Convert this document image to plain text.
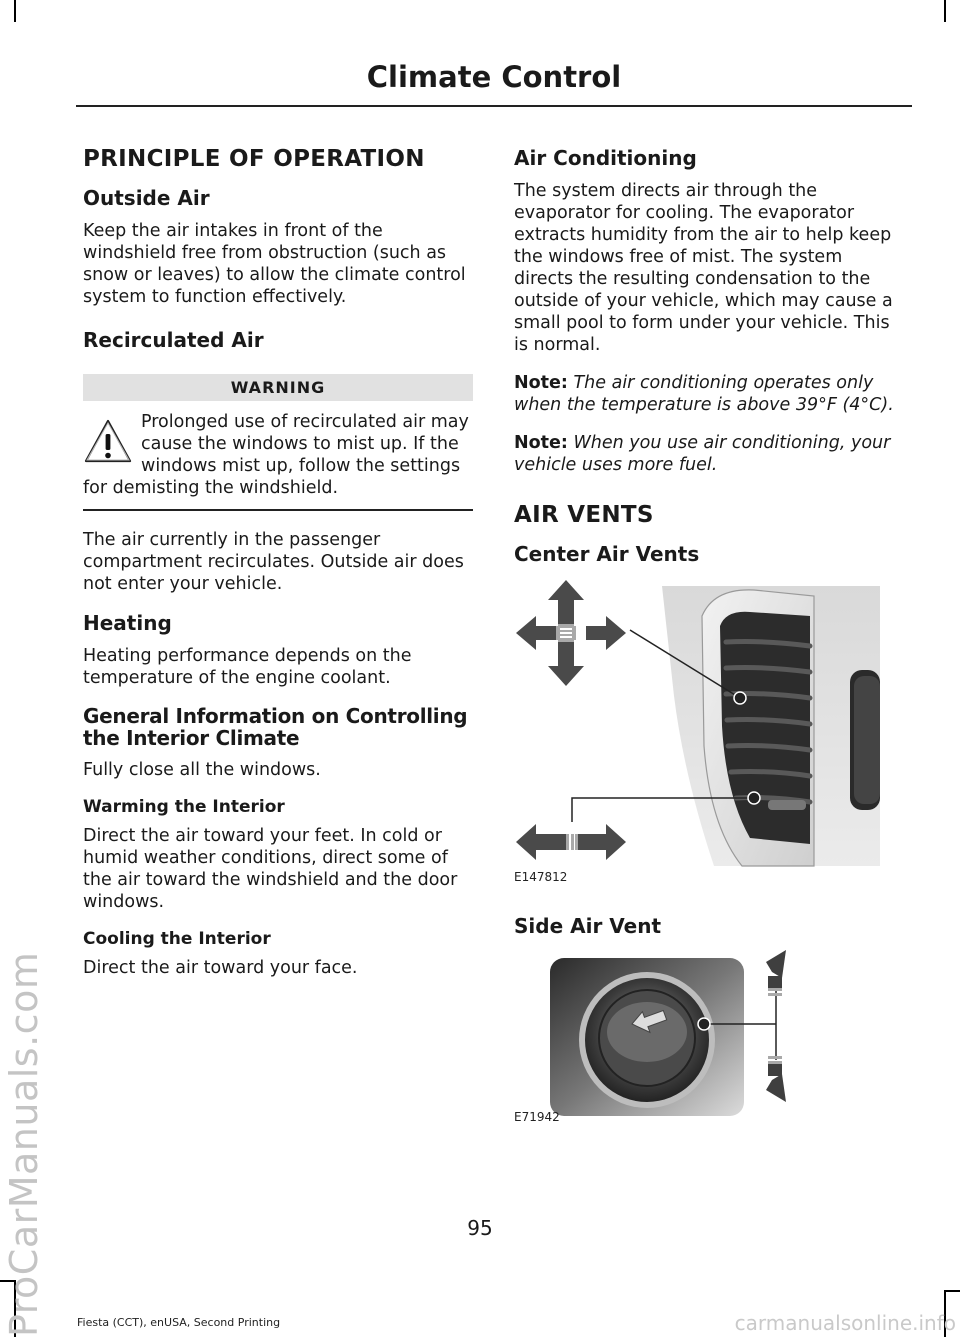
ProCarManuals.com
Climate Control
PRINCIPLE OF OPERATION
Outside Air

Keep the air intakes in front of the windshield free from obstruction (such as snow or leaves) to allow the climate control system to function effectively.

Recirculated Air
WARNING
Prolonged use of recirculated air may cause the windows to mist up. If the windows mist up, follow the settings for demisting the windshield.

The air currently in the passenger compartment recirculates. Outside air does not enter your vehicle.

Heating

Heating performance depends on the temperature of the engine coolant.

General Information on Controlling the Interior Climate

Fully close all the windows.

Warming the Interior

Direct the air toward your feet. In cold or humid weather conditions, direct some of the air toward the windshield and the door windows.

Cooling the Interior

Direct the air toward your face.

Air Conditioning

The system directs air through the evaporator for cooling. The evaporator extracts humidity from the air to help keep the windows free of mist. The system directs the resulting condensation to the outside of your vehicle, which may cause a small pool to form under your vehicle. This is normal.

Note: The air conditioning operates only when the temperature is above 39°F (4°C).

Note: When you use air conditioning, your vehicle uses more fuel.

AIR VENTS
Center Air Vents
E147812
Side Air Vent
E71942
95
Fiesta (CCT), enUSA, Second Printing	carmanualsonline.info
